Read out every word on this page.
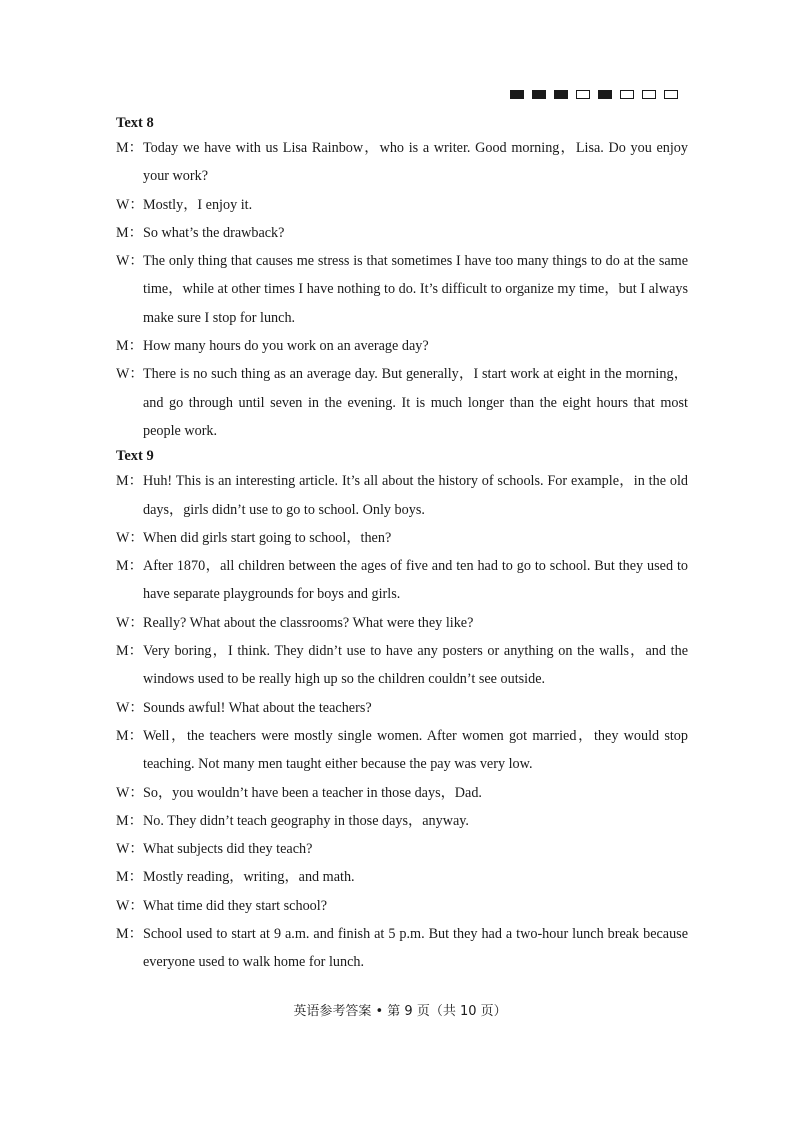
Text 8
M： Today we have with us Lisa Rainbow，who is a writer. Good morning，Lisa. Do you enjoy your work?
W： Mostly，I enjoy it.
M： So what’s the drawback?
W： The only thing that causes me stress is that sometimes I have too many things to do at the same time，while at other times I have nothing to do. It’s difficult to organize my time，but I always make sure I stop for lunch.
M： How many hours do you work on an average day?
W： There is no such thing as an average day. But generally，I start work at eight in the morning，and go through until seven in the evening. It is much longer than the eight hours that most people work.
Text 9
M： Huh! This is an interesting article. It’s all about the history of schools. For example，in the old days，girls didn’t use to go to school. Only boys.
W： When did girls start going to school，then?
M： After 1870，all children between the ages of five and ten had to go to school. But they used to have separate playgrounds for boys and girls.
W： Really? What about the classrooms? What were they like?
M： Very boring，I think. They didn’t use to have any posters or anything on the walls，and the windows used to be really high up so the children couldn’t see outside.
W： Sounds awful! What about the teachers?
M： Well，the teachers were mostly single women. After women got married，they would stop teaching. Not many men taught either because the pay was very low.
W： So，you wouldn’t have been a teacher in those days，Dad.
M： No. They didn’t teach geography in those days，anyway.
W： What subjects did they teach?
M： Mostly reading，writing，and math.
W： What time did they start school?
M： School used to start at 9 a.m. and finish at 5 p.m. But they had a two-hour lunch break because everyone used to walk home for lunch.
英语参考答案 • 第 9 页（共 10 页）
